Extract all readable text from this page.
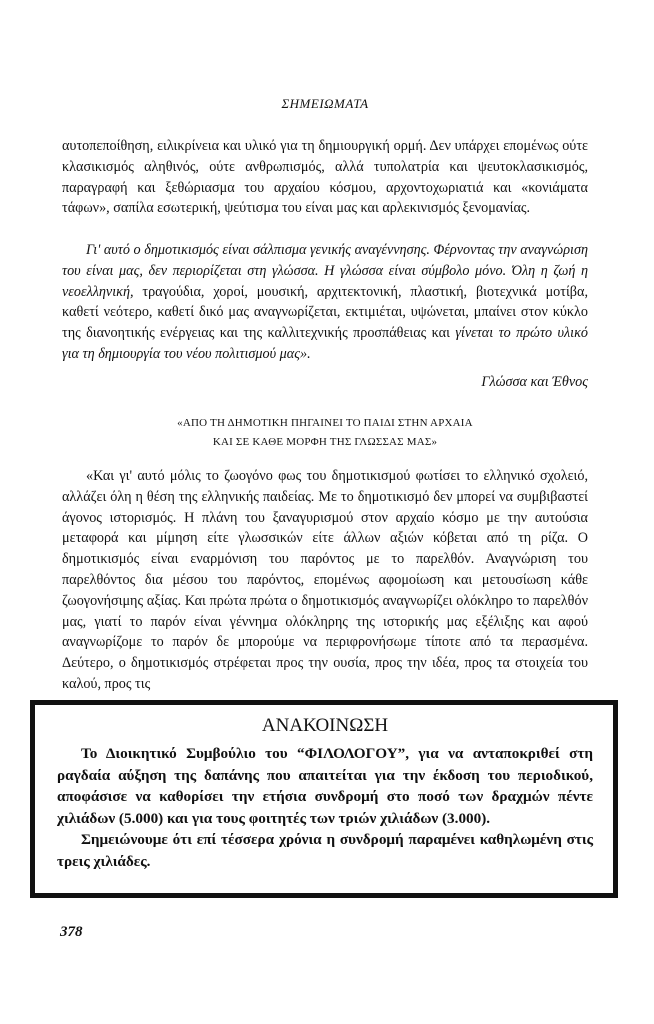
ΣΗΜΕΙΩΜΑΤΑ

αυτοπεποίθηση, ειλικρίνεια και υλικό για τη δημιουργική ορμή. Δεν υπάρχει επομένως ούτε κλασικισμός αληθινός, ούτε ανθρωπισμός, αλλά τυπολατρία και ψευτοκλασικισμός, παραγραφή και ξεθώριασμα του αρχαίου κόσμου, αρχοντοχωριατιά και «κονιάματα τάφων», σαπίλα εσωτερική, ψεύτισμα του είναι μας και αρλεκινισμός ξενομανίας.

Γι' αυτό ο δημοτικισμός είναι σάλπισμα γενικής αναγέννησης. Φέρνοντας την αναγνώριση του είναι μας, δεν περιορίζεται στη γλώσσα. Η γλώσσα είναι σύμβολο μόνο. Όλη η ζωή η νεοελληνική, τραγούδια, χοροί, μουσική, αρχιτεκτονική, πλαστική, βιοτεχνικά μοτίβα, καθετί νεότερο, καθετί δικό μας αναγνωρίζεται, εκτιμιέται, υψώνεται, μπαίνει στον κύκλο της διανοητικής ενέργειας και της καλλιτεχνικής προσπάθειας και γίνεται το πρώτο υλικό για τη δημιουργία του νέου πολιτισμού μας».

Γλώσσα και Έθνος
«ΑΠΟ ΤΗ ΔΗΜΟΤΙΚΗ ΠΗΓΑΙΝΕΙ ΤΟ ΠΑΙΔΙ ΣΤΗΝ ΑΡΧΑΙΑ
ΚΑΙ ΣΕ ΚΑΘΕ ΜΟΡΦΗ ΤΗΣ ΓΛΩΣΣΑΣ ΜΑΣ»

«Και γι' αυτό μόλις το ζωογόνο φως του δημοτικισμού φωτίσει το ελληνικό σχολειό, αλλάζει όλη η θέση της ελληνικής παιδείας. Με το δημοτικισμό δεν μπορεί να συμβιβαστεί άγονος ιστορισμός. Η πλάνη του ξαναγυρισμού στον αρχαίο κόσμο με την αυτούσια μεταφορά και μίμηση είτε γλωσσικών είτε άλλων αξιών κόβεται από τη ρίζα. Ο δημοτικισμός είναι εναρμόνιση του παρόντος με το παρελθόν. Αναγνώριση του παρελθόντος δια μέσου του παρόντος, επομένως αφομοίωση και μετουσίωση κάθε ζωογονήσιμης αξίας. Και πρώτα πρώτα ο δημοτικισμός αναγνωρίζει ολόκληρο το παρελθόν μας, γιατί το παρόν είναι γέννημα ολόκληρης της ιστορικής μας εξέλιξης και αφού αναγνωρίζομε το παρόν δε μπορούμε να περιφρονήσωμε τίποτε από τα περασμένα. Δεύτερο, ο δημοτικισμός στρέφεται προς την ουσία, προς την ιδέα, προς τα στοιχεία του καλού, προς τις

ΑΝΑΚΟΙΝΩΣΗ

Το Διοικητικό Συμβούλιο του “ΦΙΛΟΛΟΓΟΥ”, για να ανταποκριθεί στη ραγδαία αύξηση της δαπάνης που απαιτείται για την έκδοση του περιοδικού, αποφάσισε να καθορίσει την ετήσια συνδρομή στο ποσό των δραχμών πέντε χιλιάδων (5.000) και για τους φοιτητές των τριών χιλιάδων (3.000).

Σημειώνουμε ότι επί τέσσερα χρόνια η συνδρομή παραμένει καθηλωμένη στις τρεις χιλιάδες.

378
